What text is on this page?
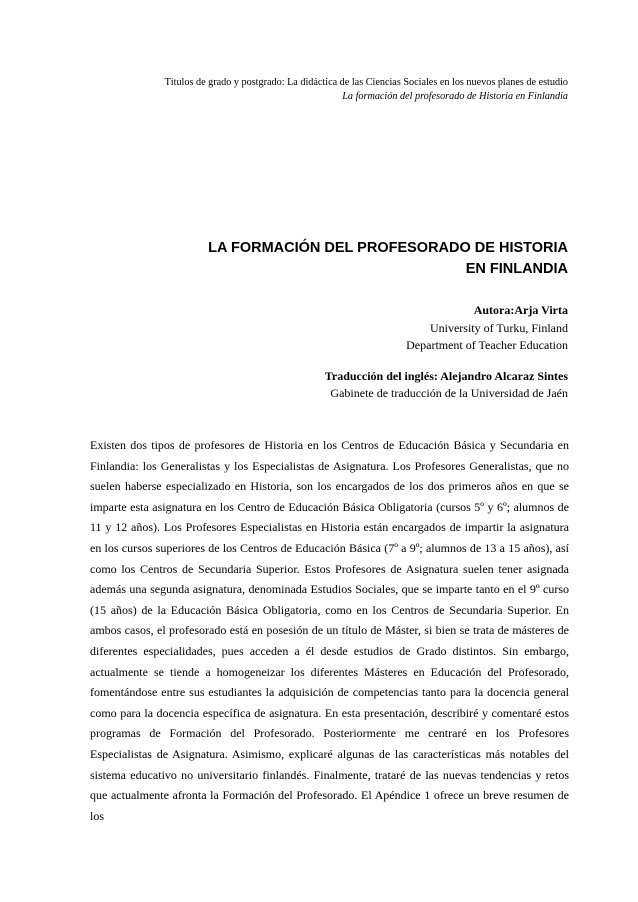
Títulos de grado y postgrado: La didáctica de las Ciencias Sociales en los nuevos planes de estudio
La formación del profesorado de Historia en Finlandia
LA FORMACIÓN DEL PROFESORADO DE HISTORIA
EN FINLANDIA
Autora:Arja Virta
University of Turku, Finland
Department of Teacher Education
Traducción del inglés: Alejandro Alcaraz Sintes
Gabinete de traducción de la Universidad de Jaén

Existen dos tipos de profesores de Historia en los Centros de Educación Básica y Secundaria en Finlandia: los Generalistas y los Especialistas de Asignatura. Los Profesores Generalistas, que no suelen haberse especializado en Historia, son los encargados de los dos primeros años en que se imparte esta asignatura en los Centro de Educación Básica Obligatoria (cursos 5º y 6º; alumnos de 11 y 12 años). Los Profesores Especialistas en Historia están encargados de impartir la asignatura en los cursos superiores de los Centros de Educación Básica (7º a 9º; alumnos de 13 a 15 años), así como los Centros de Secundaria Superior. Estos Profesores de Asignatura suelen tener asignada además una segunda asignatura, denominada Estudios Sociales, que se imparte tanto en el 9º curso (15 años) de la Educación Básica Obligatoria, como en los Centros de Secundaria Superior. En ambos casos, el profesorado está en posesión de un título de Máster, si bien se trata de másteres de diferentes especialidades, pues acceden a él desde estudios de Grado distintos. Sin embargo, actualmente se tiende a homogeneizar los diferentes Másteres en Educación del Profesorado, fomentándose entre sus estudiantes la adquisición de competencias tanto para la docencia general como para la docencia específica de asignatura. En esta presentación, describiré y comentaré estos programas de Formación del Profesorado. Posteriormente me centraré en los Profesores Especialistas de Asignatura. Asimismo, explicaré algunas de las características más notables del sistema educativo no universitario finlandés. Finalmente, trataré de las nuevas tendencias y retos que actualmente afronta la Formación del Profesorado. El Apéndice 1 ofrece un breve resumen de los
